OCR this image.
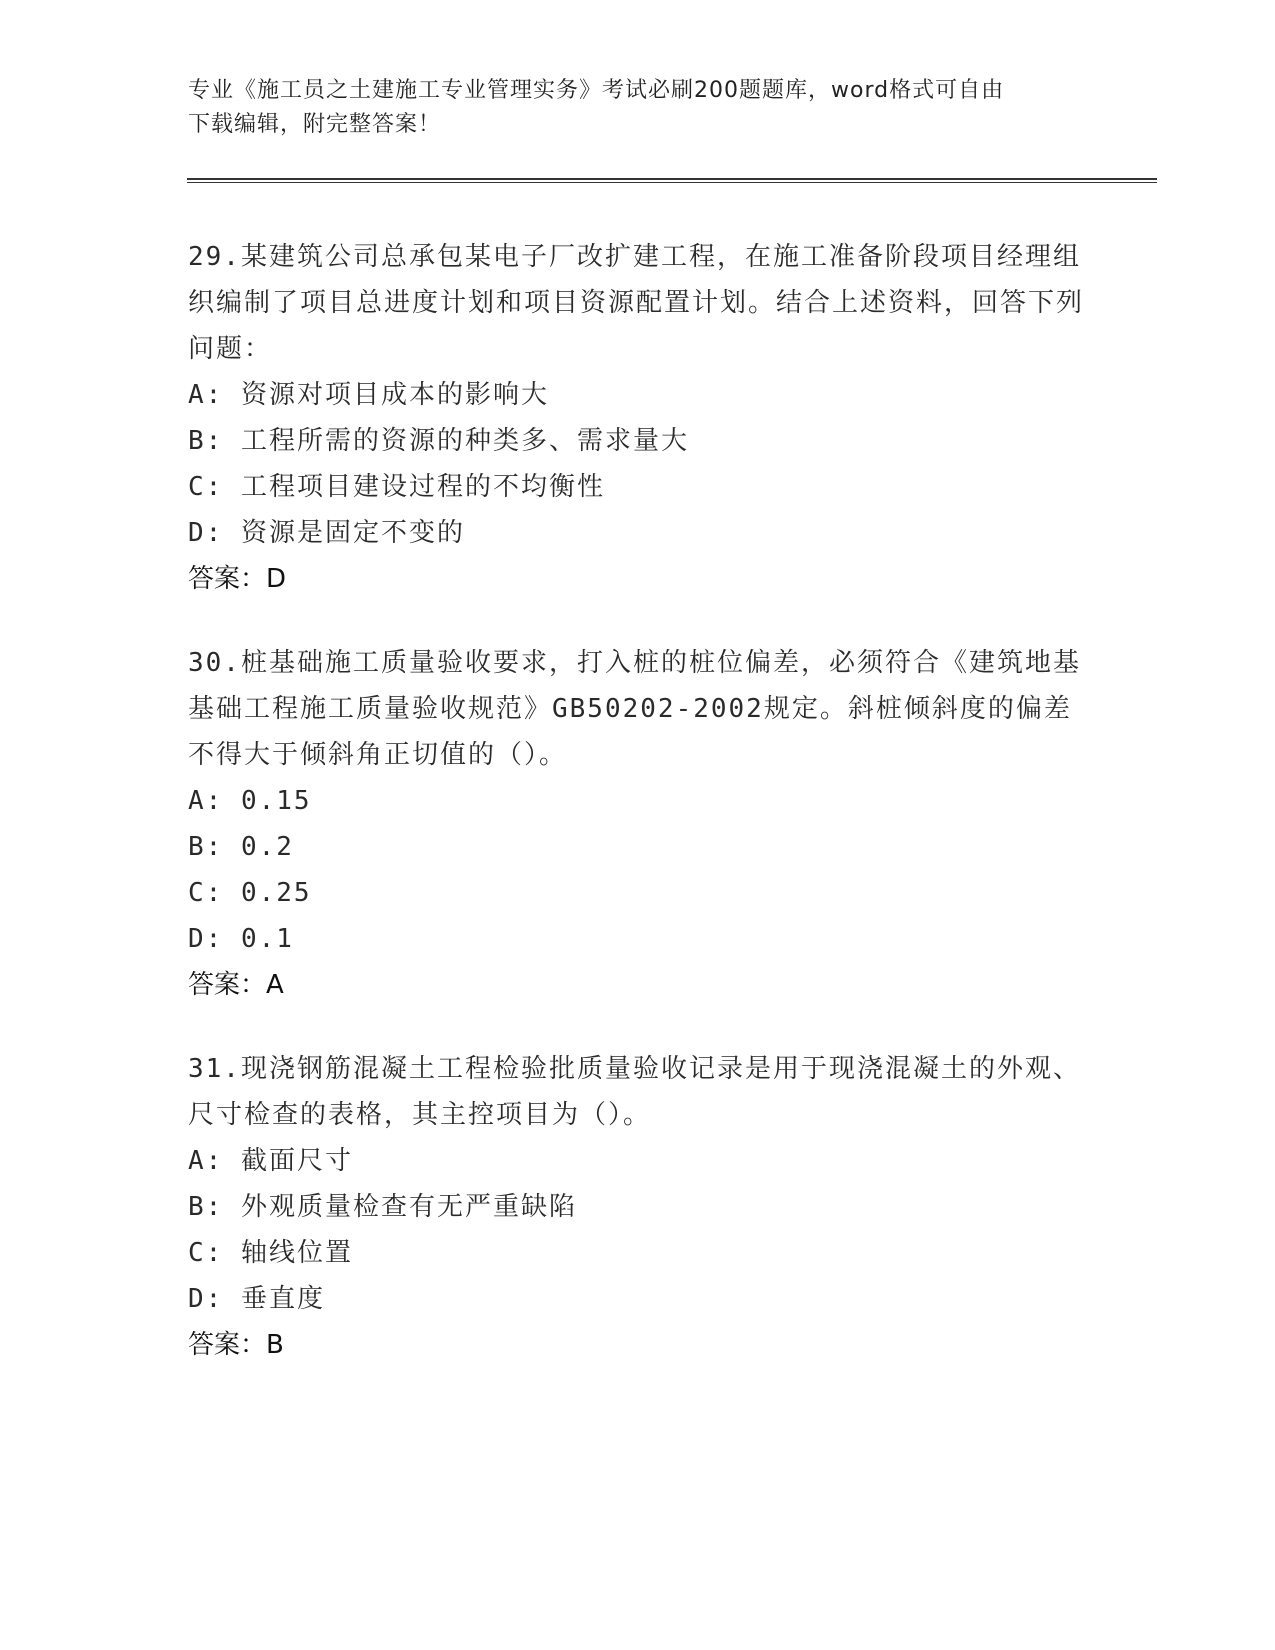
专业《施工员之土建施工专业管理实务》考试必刷200题题库，word格式可自由
下载编辑，附完整答案！
29.某建筑公司总承包某电子厂改扩建工程，在施工准备阶段项目经理组织编制了项目总进度计划和项目资源配置计划。结合上述资料，回答下列问题：
A: 资源对项目成本的影响大
B: 工程所需的资源的种类多、需求量大
C: 工程项目建设过程的不均衡性
D: 资源是固定不变的
答案：D
30.桩基础施工质量验收要求，打入桩的桩位偏差，必须符合《建筑地基基础工程施工质量验收规范》GB50202-2002规定。斜桩倾斜度的偏差不得大于倾斜角正切值的（）。
A: 0.15
B: 0.2
C: 0.25
D: 0.1
答案：A
31.现浇钢筋混凝土工程检验批质量验收记录是用于现浇混凝土的外观、尺寸检查的表格，其主控项目为（）。
A: 截面尺寸
B: 外观质量检查有无严重缺陷
C: 轴线位置
D: 垂直度
答案：B
